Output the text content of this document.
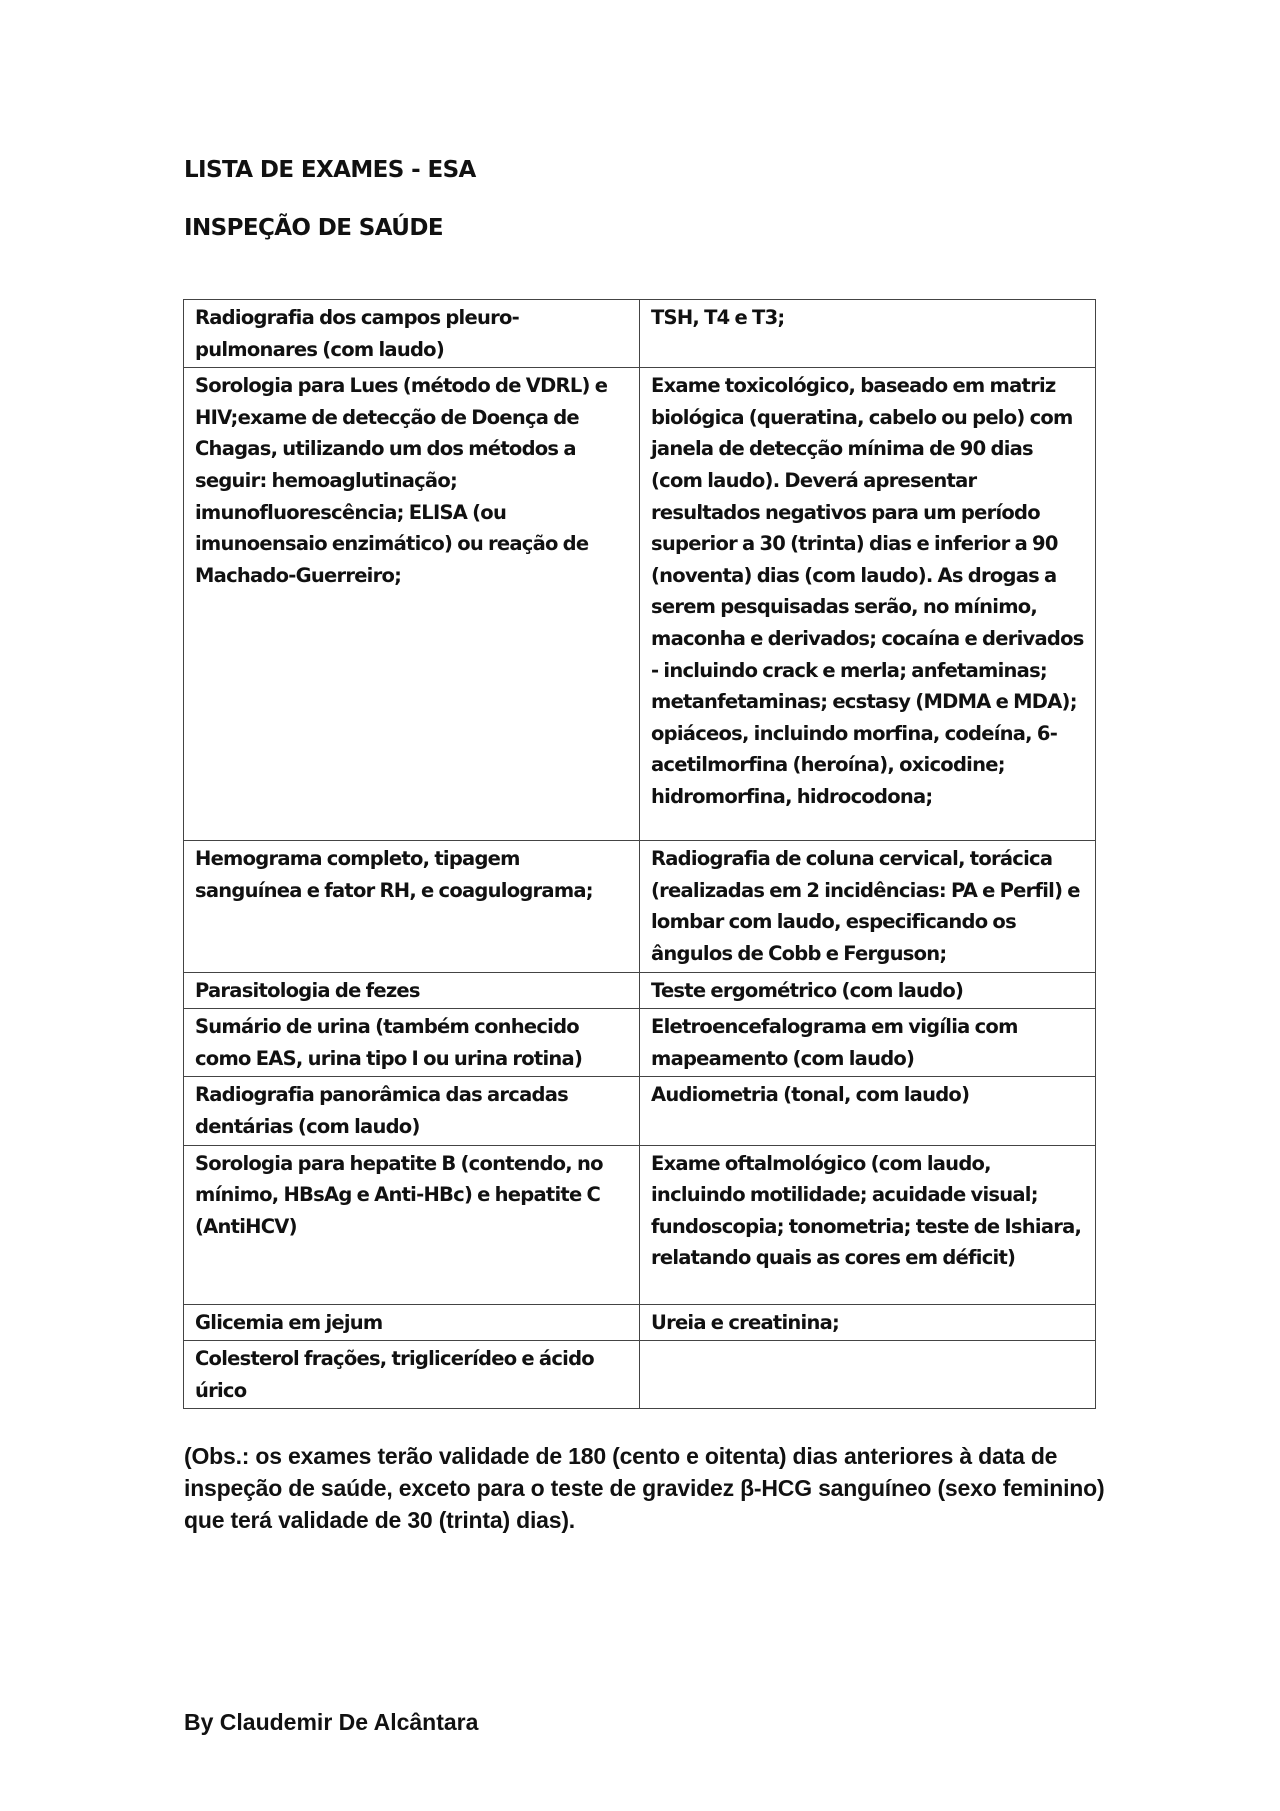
LISTA DE EXAMES - ESA
INSPEÇÃO DE SAÚDE
Radiografia dos campos pleuro-pulmonares (com laudo)	TSH, T4 e T3;
Sorologia para Lues (método de VDRL) e HIV;exame de detecção de Doença de Chagas, utilizando um dos métodos a seguir: hemoaglutinação; imunofluorescência; ELISA (ou imunoensaio enzimático) ou reação de Machado-Guerreiro;	Exame toxicológico, baseado em matriz biológica (queratina, cabelo ou pelo) com janela de detecção mínima de 90 dias (com laudo). Deverá apresentar resultados negativos para um período superior a 30 (trinta) dias e inferior a 90 (noventa) dias (com laudo). As drogas a serem pesquisadas serão, no mínimo, maconha e derivados; cocaína e derivados - incluindo crack e merla; anfetaminas; metanfetaminas; ecstasy (MDMA e MDA); opiáceos, incluindo morfina, codeína, 6-acetilmorfina (heroína), oxicodine; hidromorfina, hidrocodona;
Hemograma completo, tipagem sanguínea e fator RH, e coagulograma;	Radiografia de coluna cervical, torácica (realizadas em 2 incidências: PA e Perfil) e lombar com laudo, especificando os ângulos de Cobb e Ferguson;
Parasitologia de fezes	Teste ergométrico (com laudo)
Sumário de urina (também conhecido como EAS, urina tipo I ou urina rotina)	Eletroencefalograma em vigília com mapeamento (com laudo)
Radiografia panorâmica das arcadas dentárias (com laudo)	Audiometria (tonal, com laudo)
Sorologia para hepatite B (contendo, no mínimo, HBsAg e Anti-HBc) e hepatite C (AntiHCV)	Exame oftalmológico (com laudo, incluindo motilidade; acuidade visual; fundoscopia; tonometria; teste de Ishiara, relatando quais as cores em déficit)
Glicemia em jejum	Ureia e creatinina;
Colesterol frações, triglicerídeo e ácido úrico	
(Obs.: os exames terão validade de 180 (cento e oitenta) dias anteriores à data de inspeção de saúde, exceto para o teste de gravidez β-HCG sanguíneo (sexo feminino) que terá validade de 30 (trinta) dias).
By Claudemir De Alcântara
